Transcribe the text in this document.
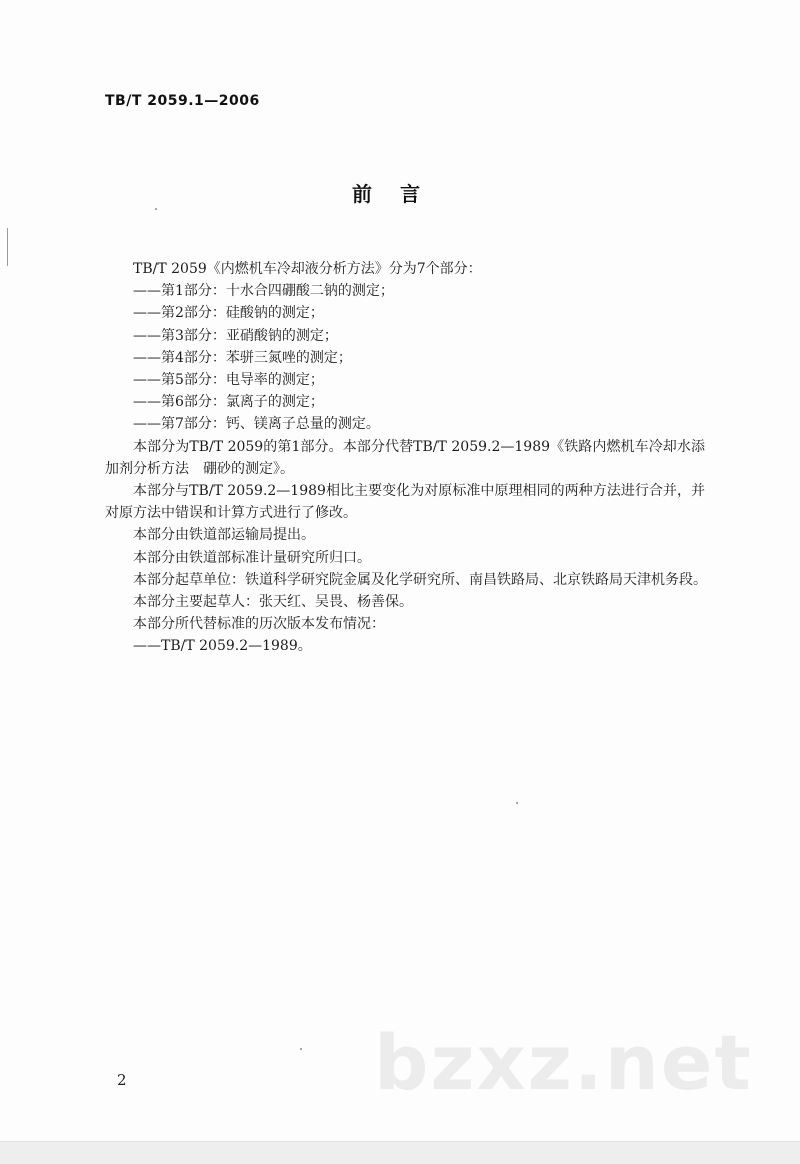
TB/T 2059.1—2006
前言
TB/T 2059《内燃机车冷却液分析方法》分为7个部分：
——第1部分：十水合四硼酸二钠的测定；
——第2部分：硅酸钠的测定；
——第3部分：亚硝酸钠的测定；
——第4部分：苯骈三氮唑的测定；
——第5部分：电导率的测定；
——第6部分：氯离子的测定；
——第7部分：钙、镁离子总量的测定。
本部分为TB/T 2059的第1部分。本部分代替TB/T 2059.2—1989《铁路内燃机车冷却水添加剂分析方法　硼砂的测定》。
本部分与TB/T 2059.2—1989相比主要变化为对原标准中原理相同的两种方法进行合并，并对原方法中错误和计算方式进行了修改。
本部分由铁道部运输局提出。
本部分由铁道部标准计量研究所归口。
本部分起草单位：铁道科学研究院金属及化学研究所、南昌铁路局、北京铁路局天津机务段。
本部分主要起草人：张天红、吴畏、杨善保。
本部分所代替标准的历次版本发布情况：
——TB/T 2059.2—1989。
bzxz.net
2
